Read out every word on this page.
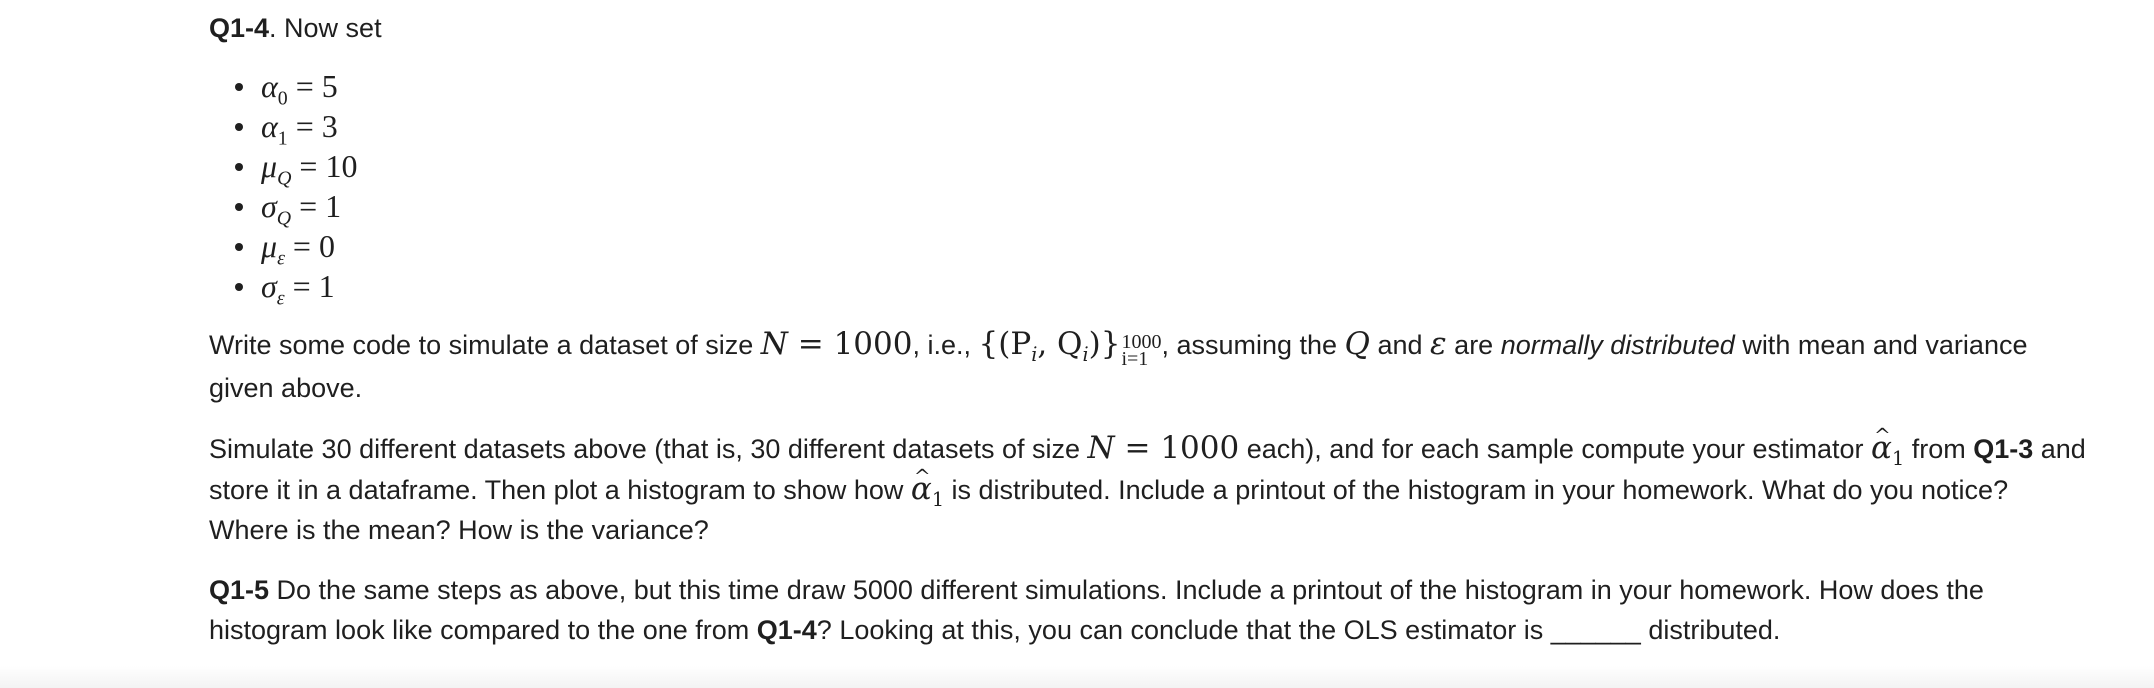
Q1-4. Now set
$\alpha_0 = 5$
$\alpha_1 = 3$
$\mu_Q = 10$
$\sigma_Q = 1$
$\mu_\varepsilon = 0$
$\sigma_\varepsilon = 1$

Write some code to simulate a dataset of size N = 1000, i.e., {($P_i$, $Q_i$)} 1000
i=1 , assuming the Q and ε are normally distributed with mean and variance given above.

Simulate 30 different datasets above (that is, 30 different datasets of size N = 1000 each), and for each sample compute your estimator ^ $\alpha_1$ from Q1-3 and store it in a dataframe. Then plot a histogram to show how ^ $\alpha_1$ is distributed. Include a printout of the histogram in your homework. What do you notice? Where is the mean? How is the variance?

Q1-5 Do the same steps as above, but this time draw 5000 different simulations. Include a printout of the histogram in your homework. How does the histogram look like compared to the one from Q1-4? Looking at this, you can conclude that the OLS estimator is ______ distributed.
